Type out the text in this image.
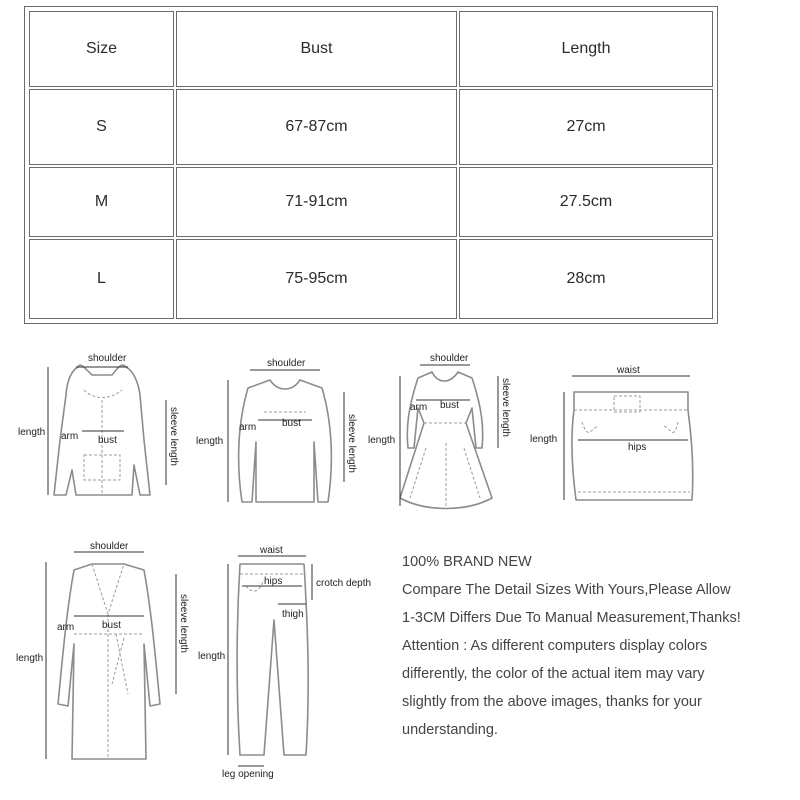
Size	Bust	Length
S	67-87cm	27cm
M	71-91cm	27.5cm
L	75-95cm	28cm
shoulder
length arm bust	sleeve length
shoulder
length
arm	bust	sleeve length
shoulder
length
arm bust	sleeve length
waist
length
hips
shoulder
length
arm	bust	sleeve length
waist
hips	crotch depth
thigh
length
leg opening

100% BRAND NEW

Compare The Detail Sizes With Yours,Please Allow

1-3CM Differs Due To Manual Measurement,Thanks!

Attention : As different computers display colors

differently, the color of the actual item may vary

slightly from the above images, thanks for your

understanding.
